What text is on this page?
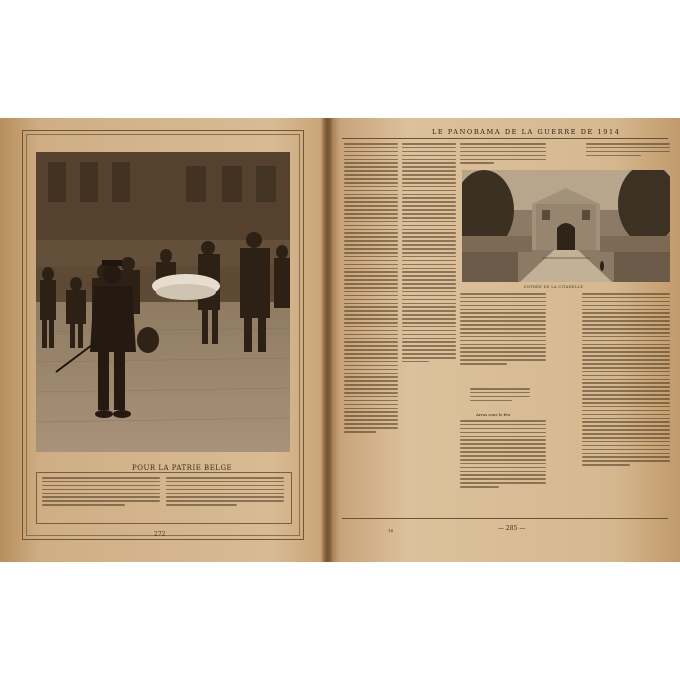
POUR LA PATRIE BELGE
272
LE PANORAMA DE LA GUERRE DE 1914
ENTRÉE DE LA CITADELLE
Arras sous le feu
14	— 285 —
